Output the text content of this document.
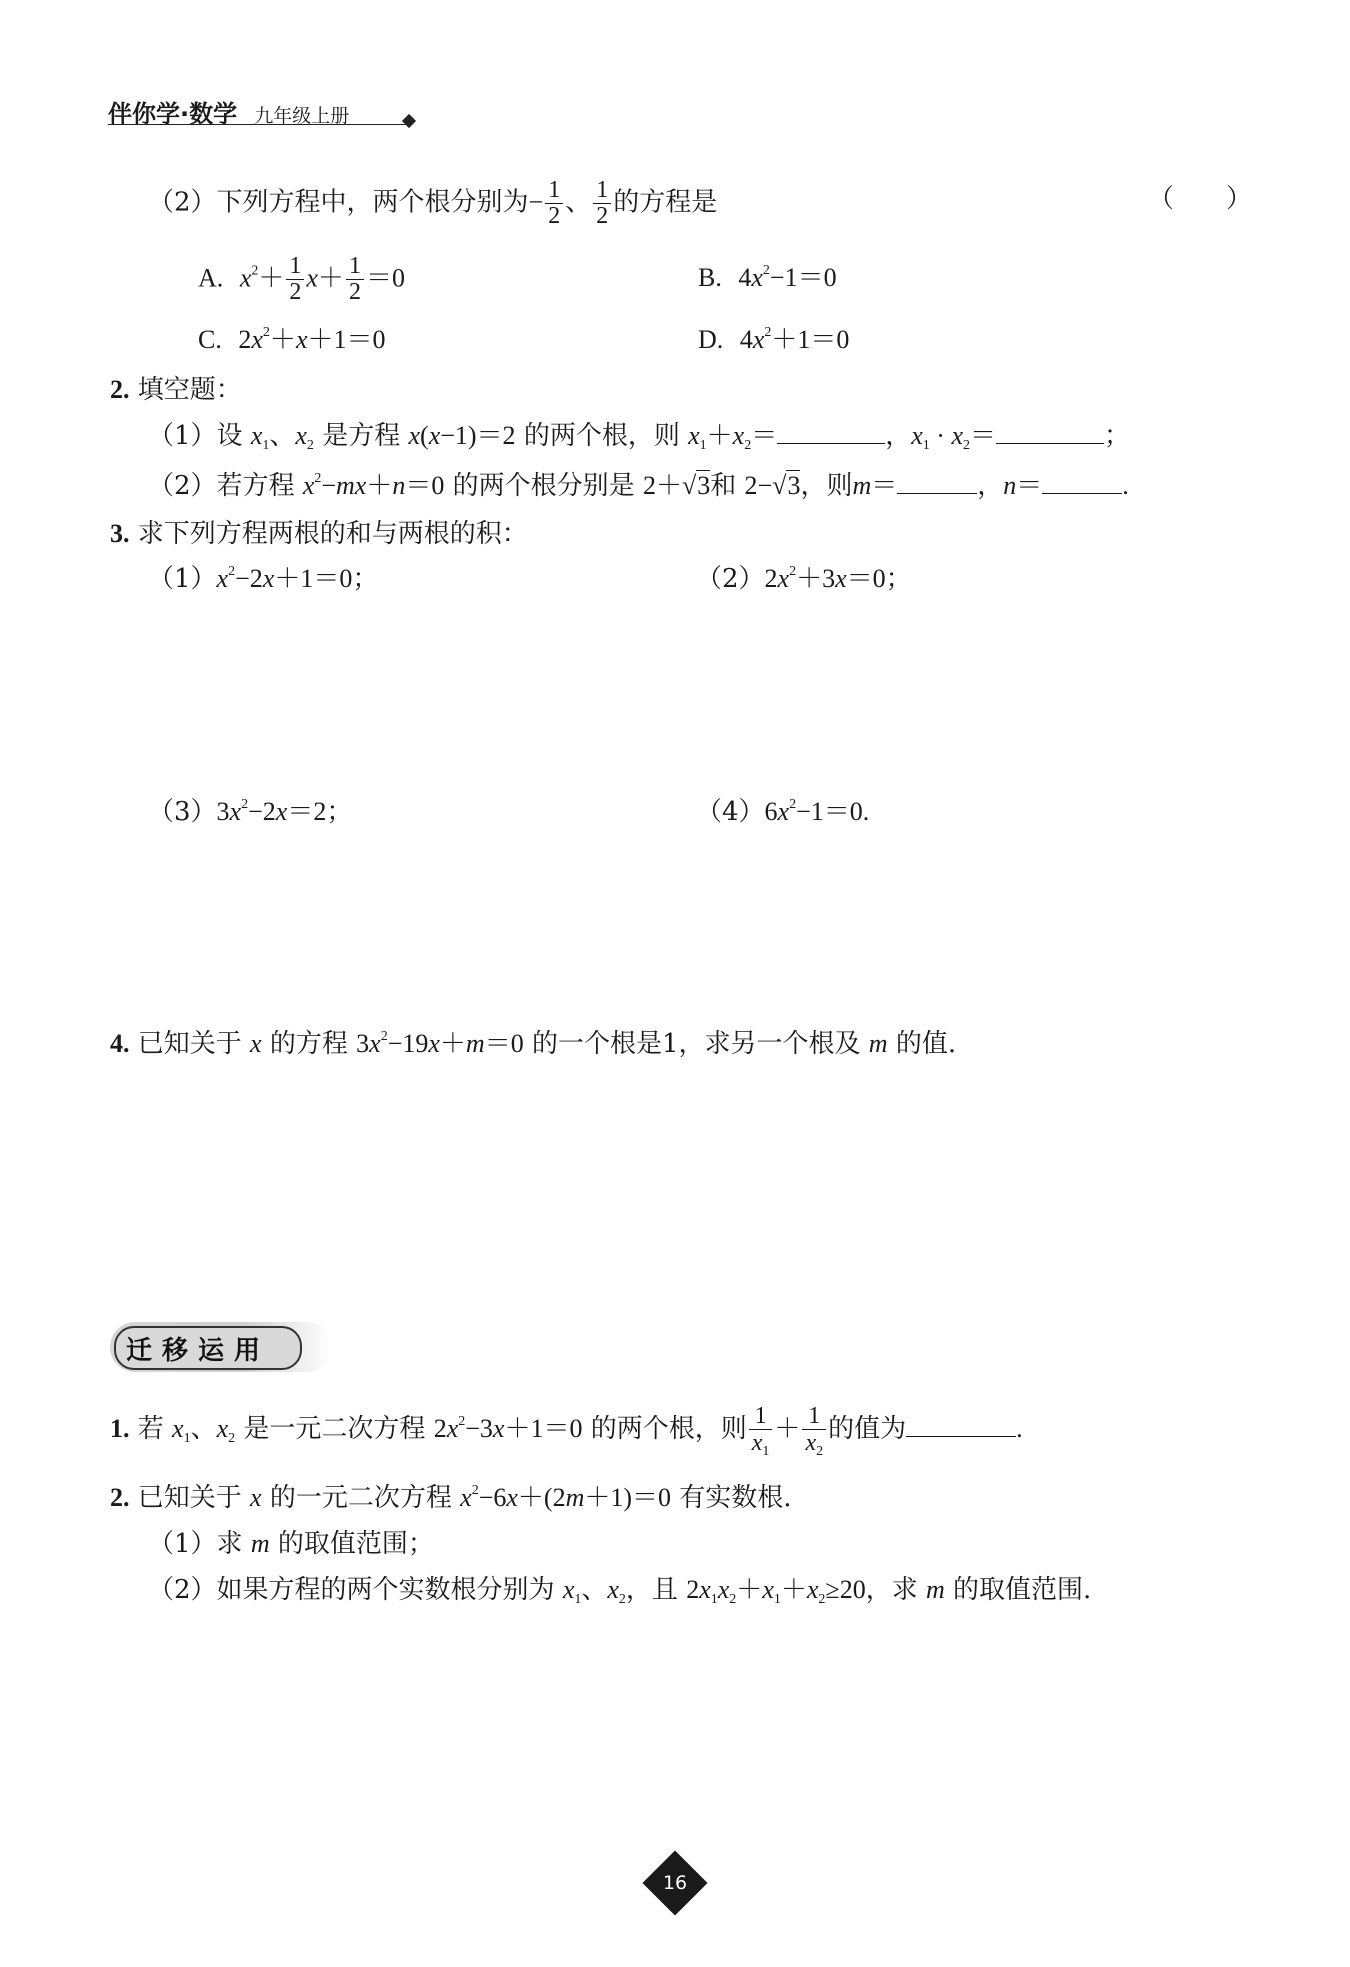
伴你学·数学 九年级上册
（2）下列方程中，两个根分别为− $\frac{1}{2}$ 、 $\frac{1}{2}$ 的方程是	（　　）
A. $x^2+ \frac{1}{2} x+ \frac{1}{2} =0$	B. $4x^2-1=0$
C. $2x^2+x+1=0$	D. $4x^2+1=0$
2. 填空题：
（1）设 $x_1$、$x_2$ 是方程 x(x−1)＝2 的两个根，则 $x_1+x_2=$	，$x_1 \cdot x_2=$	；
（2）若方程 $x^2-mx+n=0$ 的两个根分别是 2＋√3和 2−√3，则m＝	，n＝	.
3. 求下列方程两根的和与两根的积：
$(1)x^2-2x+1=0$；	$(2)2x^2+3x=0$；
$(3)3x^2-2x=2$；	$(4)6x^2-1=0$.
4. 已知关于 x 的方程 $3x^2-19x+m=0$ 的一个根是1，求另一个根及 m 的值.
迁移运用
1. 若 $x_1$、$x_2$ 是一元二次方程 $2x^2-3x+1=0$ 的两个根，则 $\frac{1}{x_1} + \frac{1}{x_2}$ 的值为	.
2. 已知关于 x 的一元二次方程 $x^2-6x+(2m+1)=0$ 有实数根.
（1）求 m 的取值范围；
（2）如果方程的两个实数根分别为 $x_1$、$x_2$，且 $2x_1x_2+x_1+x_2\ge 20$，求 m 的取值范围.
16
